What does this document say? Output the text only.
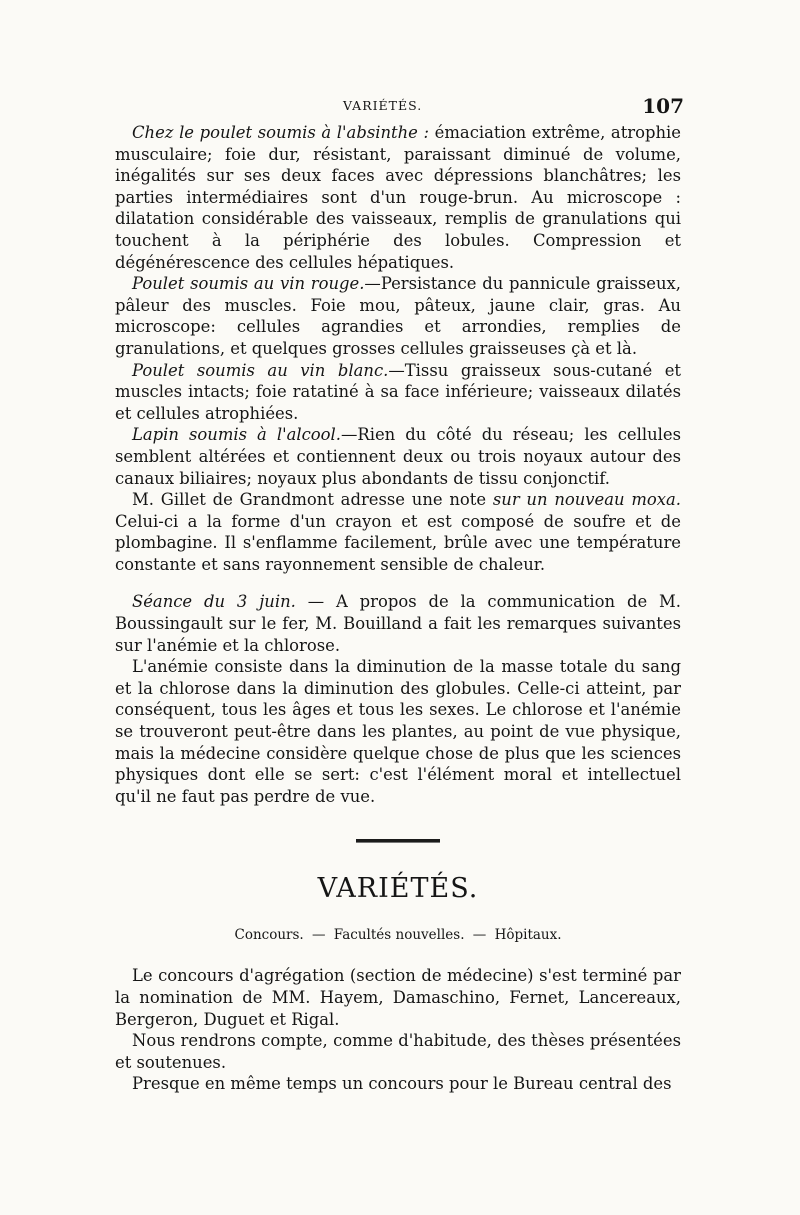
VARIÉTÉS.	107

Chez le poulet soumis à l'absinthe : émaciation extrême, atrophie musculaire; foie dur, résistant, paraissant diminué de volume, inégalités sur ses deux faces avec dépressions blanchâtres; les parties intermédiaires sont d'un rouge-brun. Au microscope : dilatation considérable des vaisseaux, remplis de granulations qui touchent à la périphérie des lobules. Compression et dégénérescence des cellules hépatiques.

Poulet soumis au vin rouge.—Persistance du pannicule graisseux, pâleur des muscles. Foie mou, pâteux, jaune clair, gras. Au microscope: cellules agrandies et arrondies, remplies de granulations, et quelques grosses cellules graisseuses çà et là.

Poulet soumis au vin blanc.—Tissu graisseux sous-cutané et muscles intacts; foie ratatiné à sa face inférieure; vaisseaux dilatés et cellules atrophiées.

Lapin soumis à l'alcool.—Rien du côté du réseau; les cellules semblent altérées et contiennent deux ou trois noyaux autour des canaux biliaires; noyaux plus abondants de tissu conjonctif.

M. Gillet de Grandmont adresse une note sur un nouveau moxa. Celui-ci a la forme d'un crayon et est composé de soufre et de plombagine. Il s'enflamme facilement, brûle avec une température constante et sans rayonnement sensible de chaleur.

Séance du 3 juin. — A propos de la communication de M. Boussingault sur le fer, M. Bouilland a fait les remarques suivantes sur l'anémie et la chlorose.

L'anémie consiste dans la diminution de la masse totale du sang et la chlorose dans la diminution des globules. Celle-ci atteint, par conséquent, tous les âges et tous les sexes. Le chlorose et l'anémie se trouveront peut-être dans les plantes, au point de vue physique, mais la médecine considère quelque chose de plus que les sciences physiques dont elle se sert: c'est l'élément moral et intellectuel qu'il ne faut pas perdre de vue.

VARIÉTÉS.
Concours. — Facultés nouvelles. — Hôpitaux.

Le concours d'agrégation (section de médecine) s'est terminé par la nomination de MM. Hayem, Damaschino, Fernet, Lancereaux, Bergeron, Duguet et Rigal.

Nous rendrons compte, comme d'habitude, des thèses présentées et soutenues.

Presque en même temps un concours pour le Bureau central des
